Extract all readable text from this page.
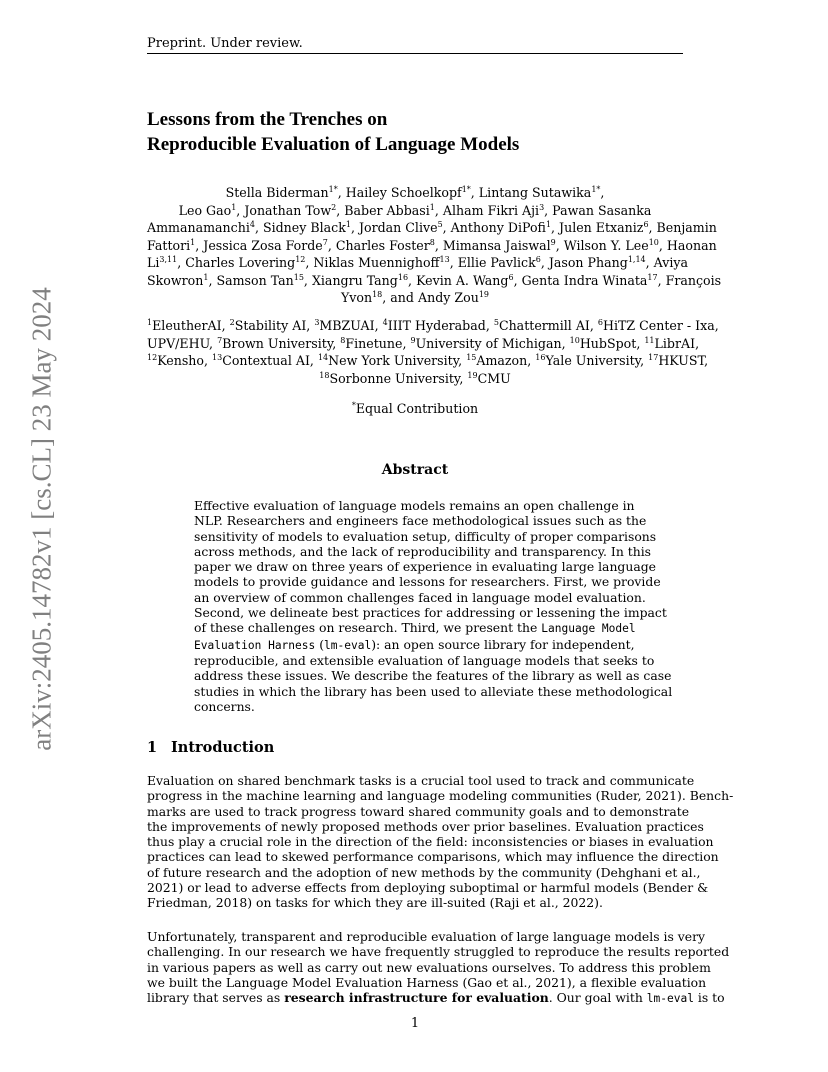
arXiv:2405.14782v1 [cs.CL] 23 May 2024
Preprint. Under review.
Lessons from the Trenches on
Reproducible Evaluation of Language Models
Stella Biderman$^{1*}$, Hailey Schoelkopf$^{1*}$, Lintang Sutawika$^{1*}$,
Leo Gao$^1$, Jonathan Tow$^2$, Baber Abbasi$^1$, Alham Fikri Aji$^3$, Pawan Sasanka
Ammanamanchi$^4$, Sidney Black$^1$, Jordan Clive$^5$, Anthony DiPofi$^1$, Julen Etxaniz$^6$, Benjamin
Fattori$^1$, Jessica Zosa Forde$^7$, Charles Foster$^8$, Mimansa Jaiswal$^9$, Wilson Y. Lee$^{10}$, Haonan
Li$^{3,11}$, Charles Lovering$^{12}$, Niklas Muennighoff$^{13}$, Ellie Pavlick$^6$, Jason Phang$^{1,14}$, Aviya
Skowron$^1$, Samson Tan$^{15}$, Xiangru Tang$^{16}$, Kevin A. Wang$^6$, Genta Indra Winata$^{17}$, François
Yvon$^{18}$, and Andy Zou$^{19}$
$^1$EleutherAI, $^2$Stability AI, $^3$MBZUAI, $^4$IIIT Hyderabad, $^5$Chattermill AI, $^6$HiTZ Center - Ixa,
UPV/EHU, $^7$Brown University, $^8$Finetune, $^9$University of Michigan, $^{10}$HubSpot, $^{11}$LibrAI,
$^{12}$Kensho, $^{13}$Contextual AI, $^{14}$New York University, $^{15}$Amazon, $^{16}$Yale University, $^{17}$HKUST,
$^{18}$Sorbonne University, $^{19}$CMU
*Equal Contribution
Abstract
Effective evaluation of language models remains an open challenge in
NLP. Researchers and engineers face methodological issues such as the
sensitivity of models to evaluation setup, difficulty of proper comparisons
across methods, and the lack of reproducibility and transparency. In this
paper we draw on three years of experience in evaluating large language
models to provide guidance and lessons for researchers. First, we provide
an overview of common challenges faced in language model evaluation.
Second, we delineate best practices for addressing or lessening the impact
of these challenges on research. Third, we present the Language Model
Evaluation Harness (lm-eval): an open source library for independent,
reproducible, and extensible evaluation of language models that seeks to
address these issues. We describe the features of the library as well as case
studies in which the library has been used to alleviate these methodological
concerns.
1 Introduction
Evaluation on shared benchmark tasks is a crucial tool used to track and communicate
progress in the machine learning and language modeling communities (Ruder, 2021). Bench-
marks are used to track progress toward shared community goals and to demonstrate
the improvements of newly proposed methods over prior baselines. Evaluation practices
thus play a crucial role in the direction of the field: inconsistencies or biases in evaluation
practices can lead to skewed performance comparisons, which may influence the direction
of future research and the adoption of new methods by the community (Dehghani et al.,
2021) or lead to adverse effects from deploying suboptimal or harmful models (Bender &
Friedman, 2018) on tasks for which they are ill-suited (Raji et al., 2022).
Unfortunately, transparent and reproducible evaluation of large language models is very
challenging. In our research we have frequently struggled to reproduce the results reported
in various papers as well as carry out new evaluations ourselves. To address this problem
we built the Language Model Evaluation Harness (Gao et al., 2021), a flexible evaluation
library that serves as research infrastructure for evaluation. Our goal with lm-eval is to
1
